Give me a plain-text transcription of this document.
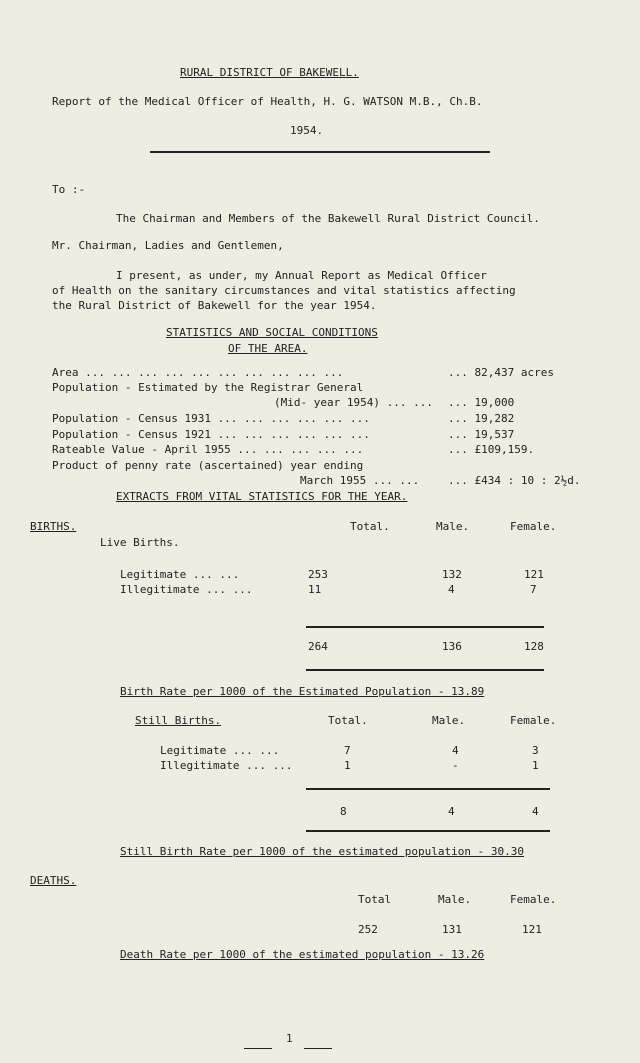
RURAL DISTRICT OF BAKEWELL.
Report of the Medical Officer of Health, H. G. WATSON M.B., Ch.B.
1954.
To :-
The Chairman and Members of the Bakewell Rural District Council.
Mr. Chairman, Ladies and Gentlemen,
I present, as under, my Annual Report as Medical Officer
of Health on the sanitary circumstances and vital statistics affecting
the Rural District of Bakewell for the year 1954.
STATISTICS AND SOCIAL CONDITIONS
OF THE AREA.
Area ... ... ... ... ... ... ... ... ... ...	... 82,437 acres
Population - Estimated by the Registrar General
(Mid- year 1954) ... ... ... 19,000
Population - Census 1931 ... ... ... ... ... ...	... 19,282
Population - Census 1921 ... ... ... ... ... ...	... 19,537
Rateable Value - April 1955 ... ... ... ... ...	... £109,159.
Product of penny rate (ascertained) year ending
March 1955 ... ...	... £434 : 10 : 2½d.
EXTRACTS FROM VITAL STATISTICS FOR THE YEAR.
BIRTHS.	Total.	Male.	Female.
Live Births.
Legitimate ... ...	253	132	121
Illegitimate ... ...	11	4	7
264	136	128
Birth Rate per 1000 of the Estimated Population - 13.89
Still Births.	Total.	Male.	Female.
Legitimate ... ...	7	4	3
Illegitimate ... ...	1	-	1
8	4	4
Still Birth Rate per 1000 of the estimated population - 30.30
DEATHS.
Total	Male.	Female.
252	131	121
Death Rate per 1000 of the estimated population - 13.26
1
